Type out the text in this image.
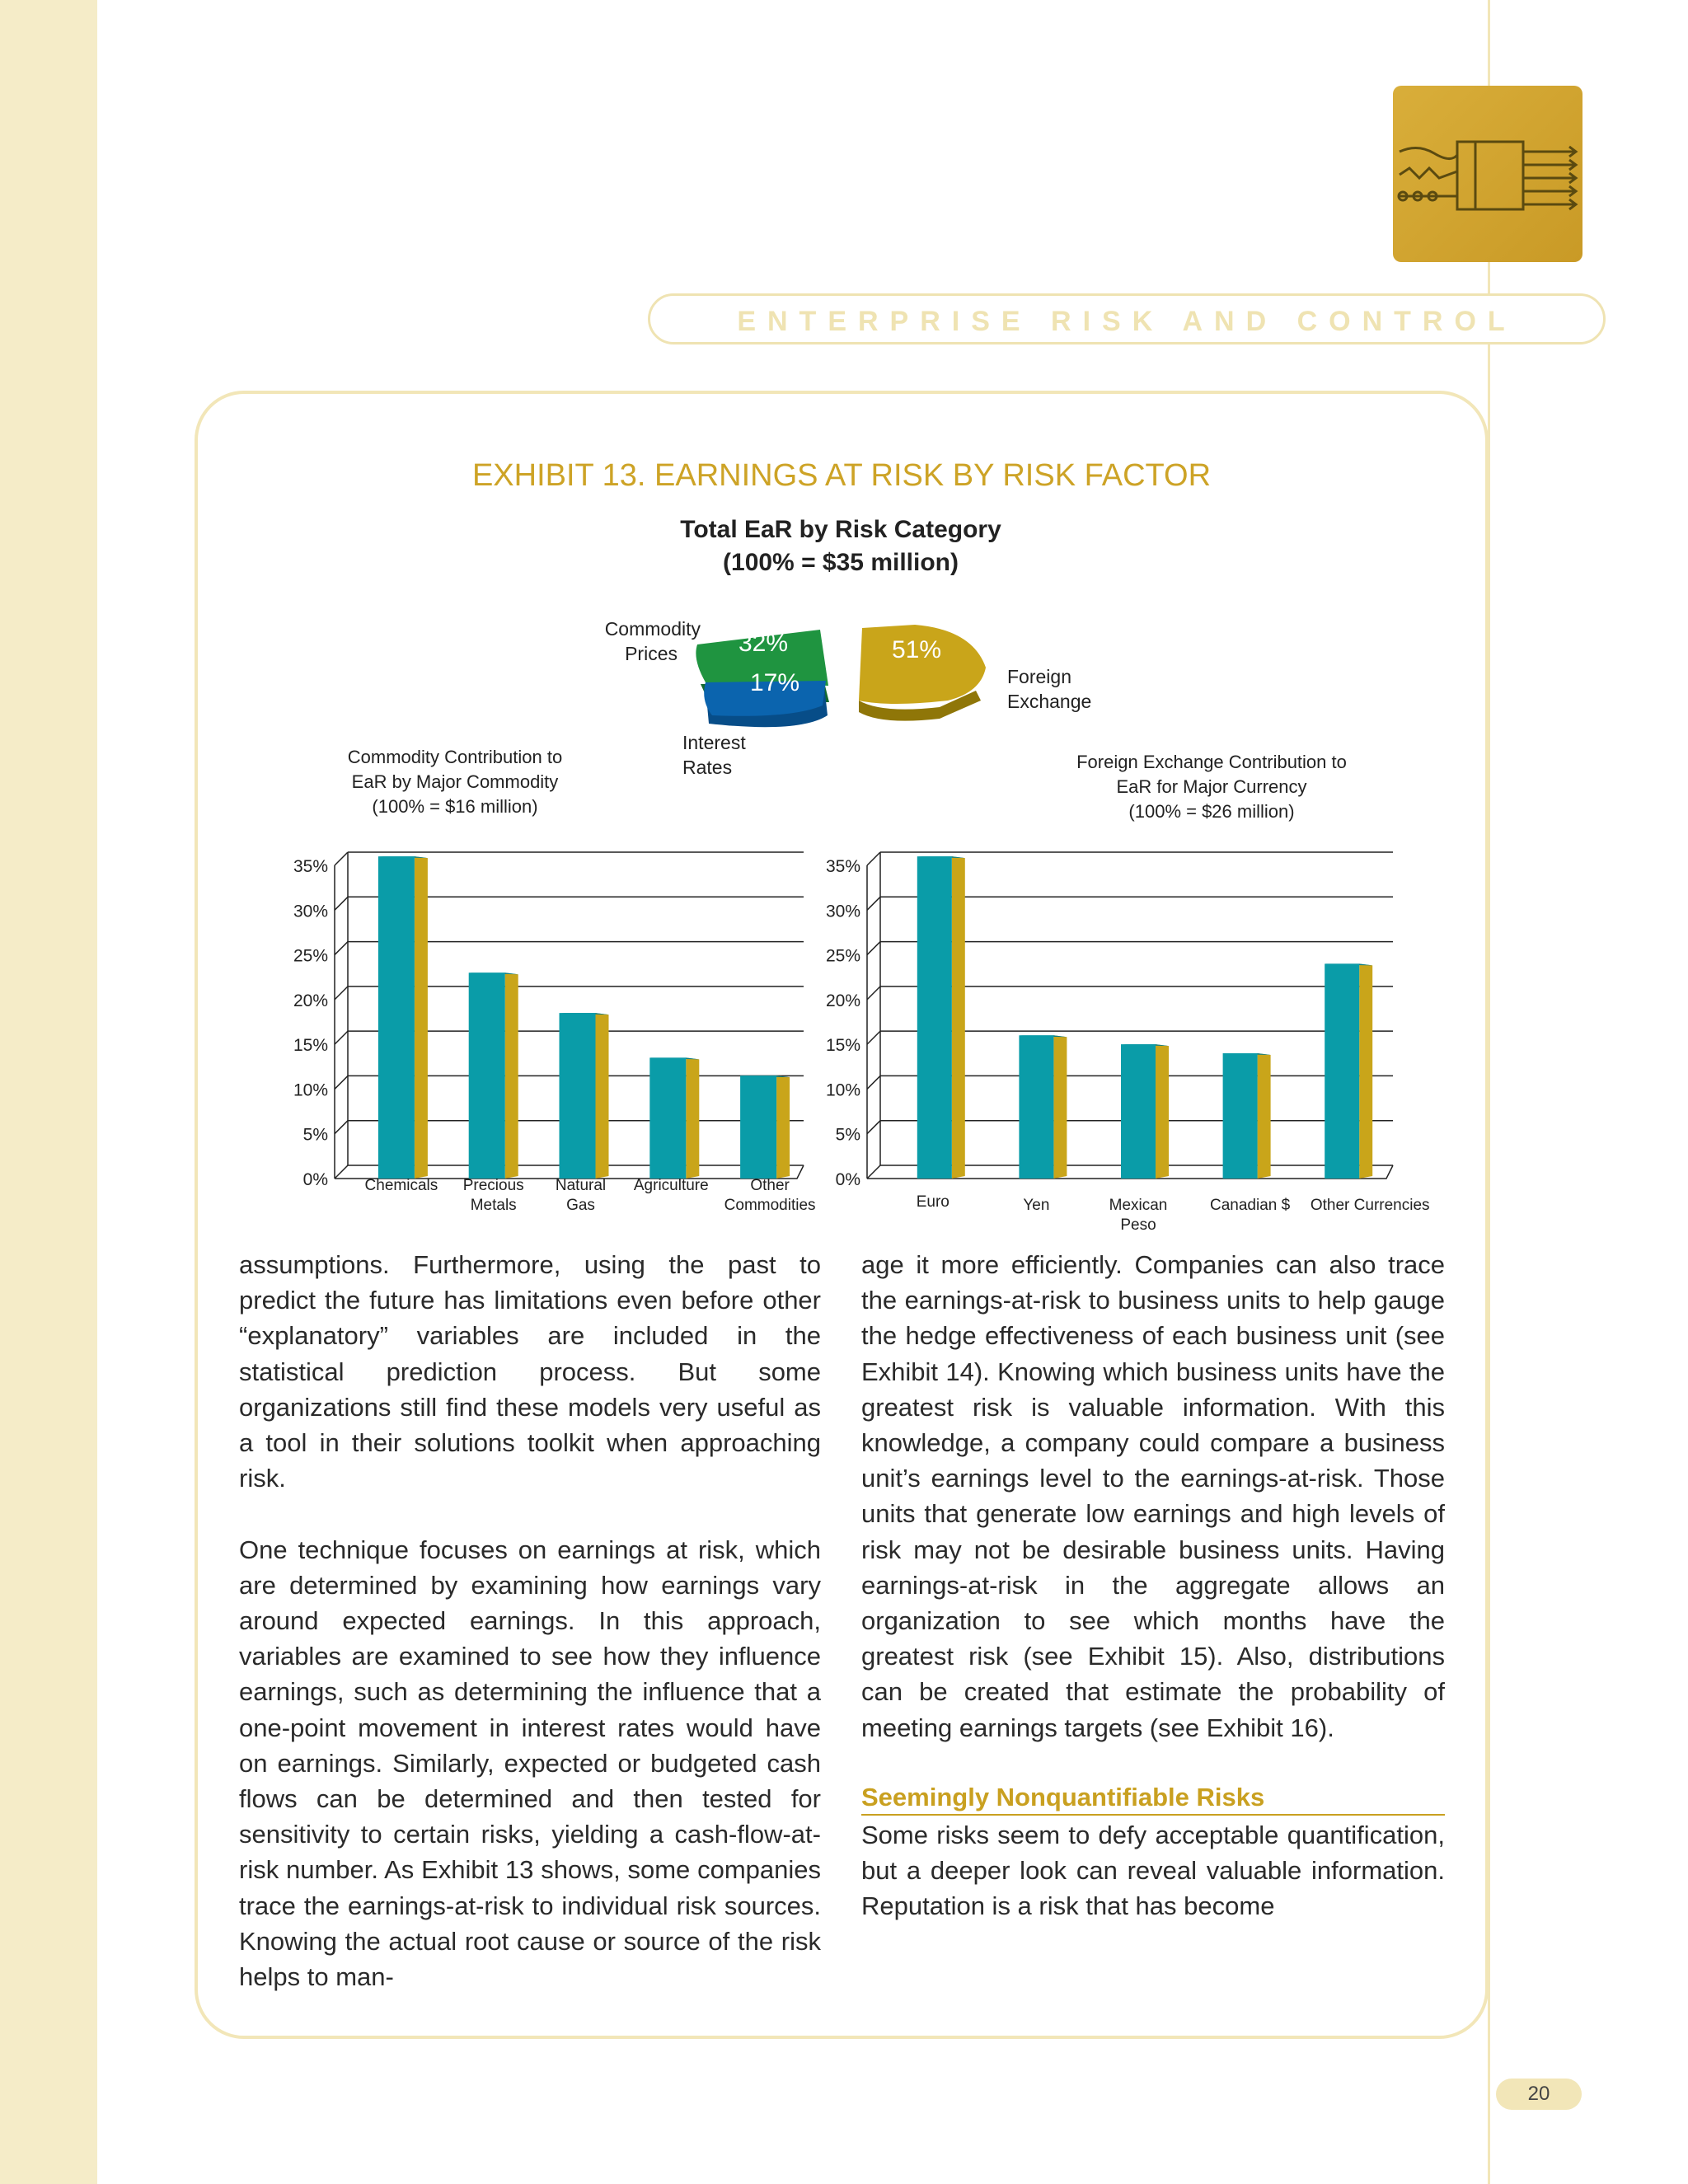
ENTERPRISE RISK AND CONTROL
EXHIBIT 13. EARNINGS AT RISK BY RISK FACTOR
Total EaR by Risk Category
(100% = $35 million)
32%
17%
51%
Commodity
Prices
Interest
Rates
Foreign
Exchange
Commodity Contribution to
EaR by Major Commodity
(100% = $16 million)
Foreign Exchange Contribution to
EaR for Major Currency
(100% = $26 million)
0%
5%
10%
15%
20%
25%
30%
35%
Chemicals Precious
Metals
Natural
Gas
Agriculture	Other
Commodities
0%
5%
10%
15%
20%
25%
30%
35%
Euro	Yen	Mexican
Peso
Canadian $ Other Currencies

assumptions. Furthermore, using the past to predict the future has limitations even before other “explanatory” variables are included in the statistical prediction process. But some organizations still find these models very useful as a tool in their solutions toolkit when approaching risk.

One technique focuses on earnings at risk, which are determined by examining how earnings vary around expected earnings. In this approach, variables are examined to see how they influence earnings, such as determining the influence that a one-point movement in interest rates would have on earnings. Similarly, expected or budgeted cash flows can be determined and then tested for sensitivity to certain risks, yielding a cash-flow-at-risk number. As Exhibit 13 shows, some companies trace the earnings-at-risk to individual risk sources. Knowing the actual root cause or source of the risk helps to man-

age it more efficiently. Companies can also trace the earnings-at-risk to business units to help gauge the hedge effectiveness of each business unit (see Exhibit 14). Knowing which business units have the greatest risk is valuable information. With this knowledge, a company could compare a business unit’s earnings level to the earnings-at-risk. Those units that generate low earnings and high levels of risk may not be desirable business units. Having earnings-at-risk in the aggregate allows an organization to see which months have the greatest risk (see Exhibit 15). Also, distributions can be created that estimate the probability of meeting earnings targets (see Exhibit 16).

Seemingly Nonquantifiable Risks

Some risks seem to defy acceptable quantification, but a deeper look can reveal valuable information. Reputation is a risk that has become

20
